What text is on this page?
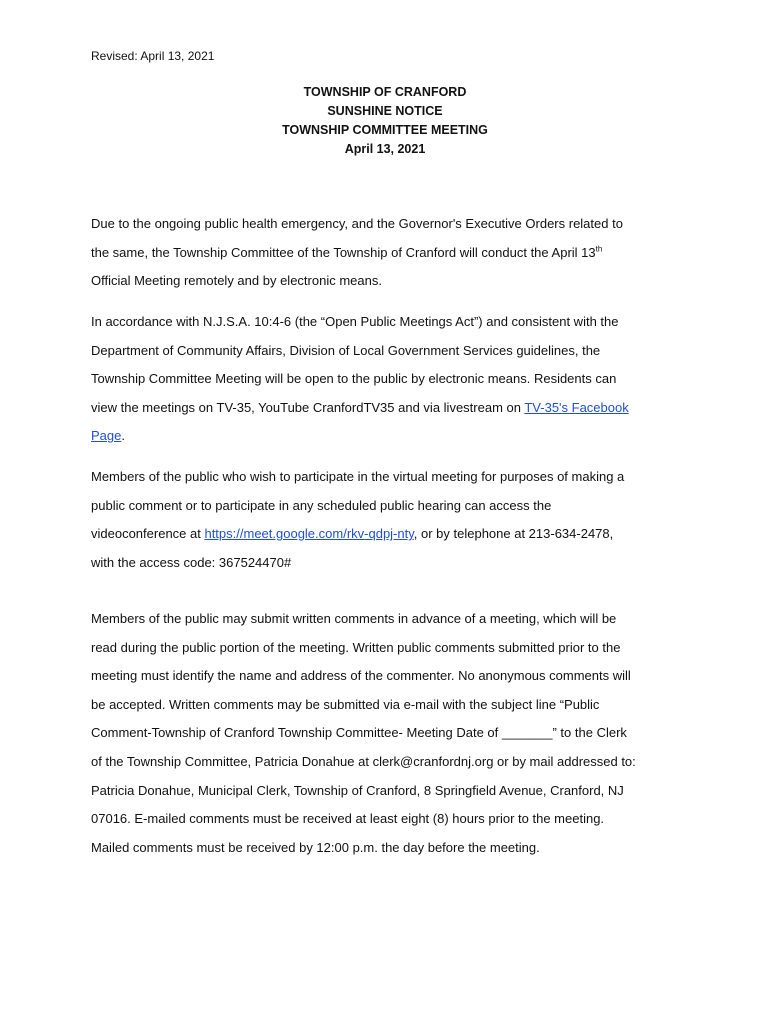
Revised: April 13, 2021
TOWNSHIP OF CRANFORD
SUNSHINE NOTICE
TOWNSHIP COMMITTEE MEETING
April 13, 2021
Due to the ongoing public health emergency, and the Governor's Executive Orders related to
the same, the Township Committee of the Township of Cranford will conduct the April 13th
Official Meeting remotely and by electronic means.
In accordance with N.J.S.A. 10:4-6 (the “Open Public Meetings Act”) and consistent with the
Department of Community Affairs, Division of Local Government Services guidelines, the
Township Committee Meeting will be open to the public by electronic means. Residents can
view the meetings on TV-35, YouTube CranfordTV35 and via livestream on TV-35's Facebook
Page.
Members of the public who wish to participate in the virtual meeting for purposes of making a
public comment or to participate in any scheduled public hearing can access the
videoconference at https://meet.google.com/rkv-qdpj-nty, or by telephone at 213-634-2478,
with the access code: 367524470#
Members of the public may submit written comments in advance of a meeting, which will be
read during the public portion of the meeting. Written public comments submitted prior to the
meeting must identify the name and address of the commenter. No anonymous comments will
be accepted. Written comments may be submitted via e-mail with the subject line “Public
Comment-Township of Cranford Township Committee- Meeting Date of _______” to the Clerk
of the Township Committee, Patricia Donahue at clerk@cranfordnj.org or by mail addressed to:
Patricia Donahue, Municipal Clerk, Township of Cranford, 8 Springfield Avenue, Cranford, NJ
07016. E-mailed comments must be received at least eight (8) hours prior to the meeting.
Mailed comments must be received by 12:00 p.m. the day before the meeting.
